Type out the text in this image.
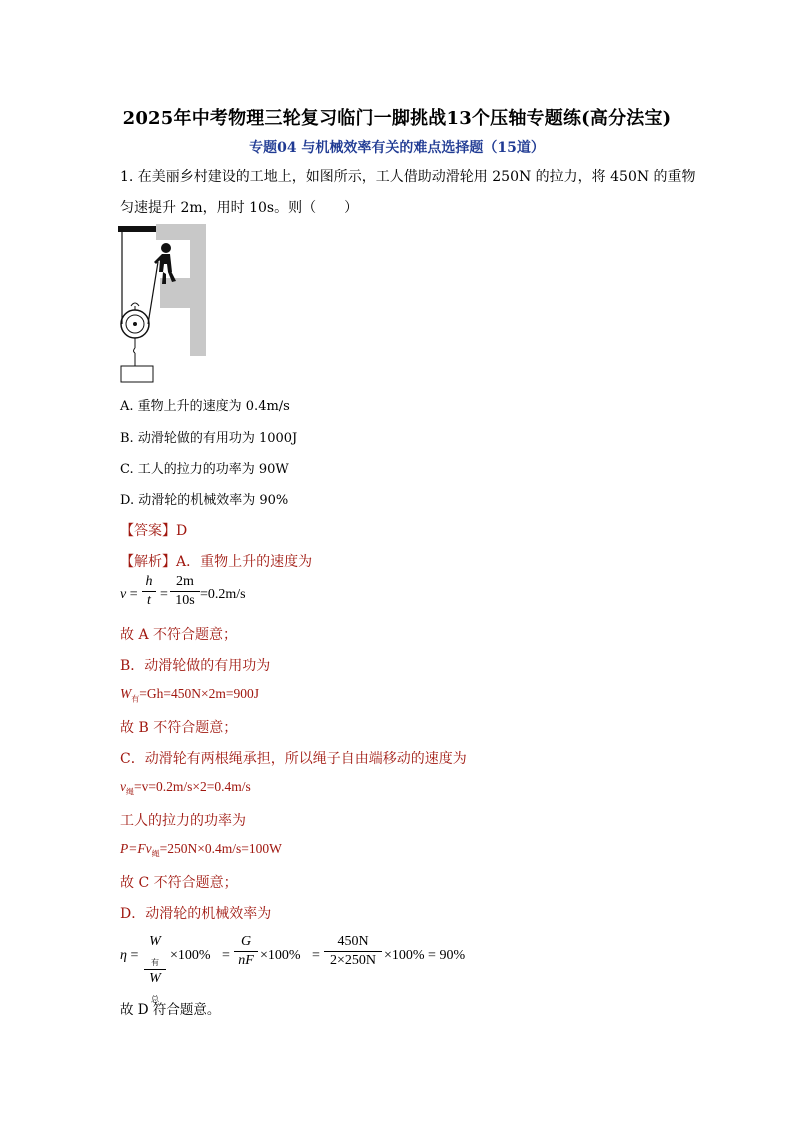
2025年中考物理三轮复习临门一脚挑战13个压轴专题练(高分法宝)
专题04 与机械效率有关的难点选择题（15道）
1. 在美丽乡村建设的工地上，如图所示，工人借助动滑轮用 250N 的拉力，将 450N 的重物
匀速提升 2m，用时 10s。则（　　）
A. 重物上升的速度为 0.4m/s
B. 动滑轮做的有用功为 1000J
C. 工人的拉力的功率为 90W
D. 动滑轮的机械效率为 90%
【答案】D
【解析】A．重物上升的速度为
v =
h
t =
2m
10s =0.2m/s
故 A 不符合题意；
B．动滑轮做的有用功为
$W_有=Gh=450N\times 2m=900J$
故 B 不符合题意；
C．动滑轮有两根绳承担，所以绳子自由端移动的速度为
$v_绳=v=0.2m/s\times 2=0.4m/s$
工人的拉力的功率为
$P=Fv_绳=250N\times 0.4m/s=100W$
故 C 不符合题意；
D．动滑轮的机械效率为
η =
$W_有$
$W_总$
×100% =
G
nF ×100% =
450N
2×250N ×100% = 90%
故 D 符合题意。
